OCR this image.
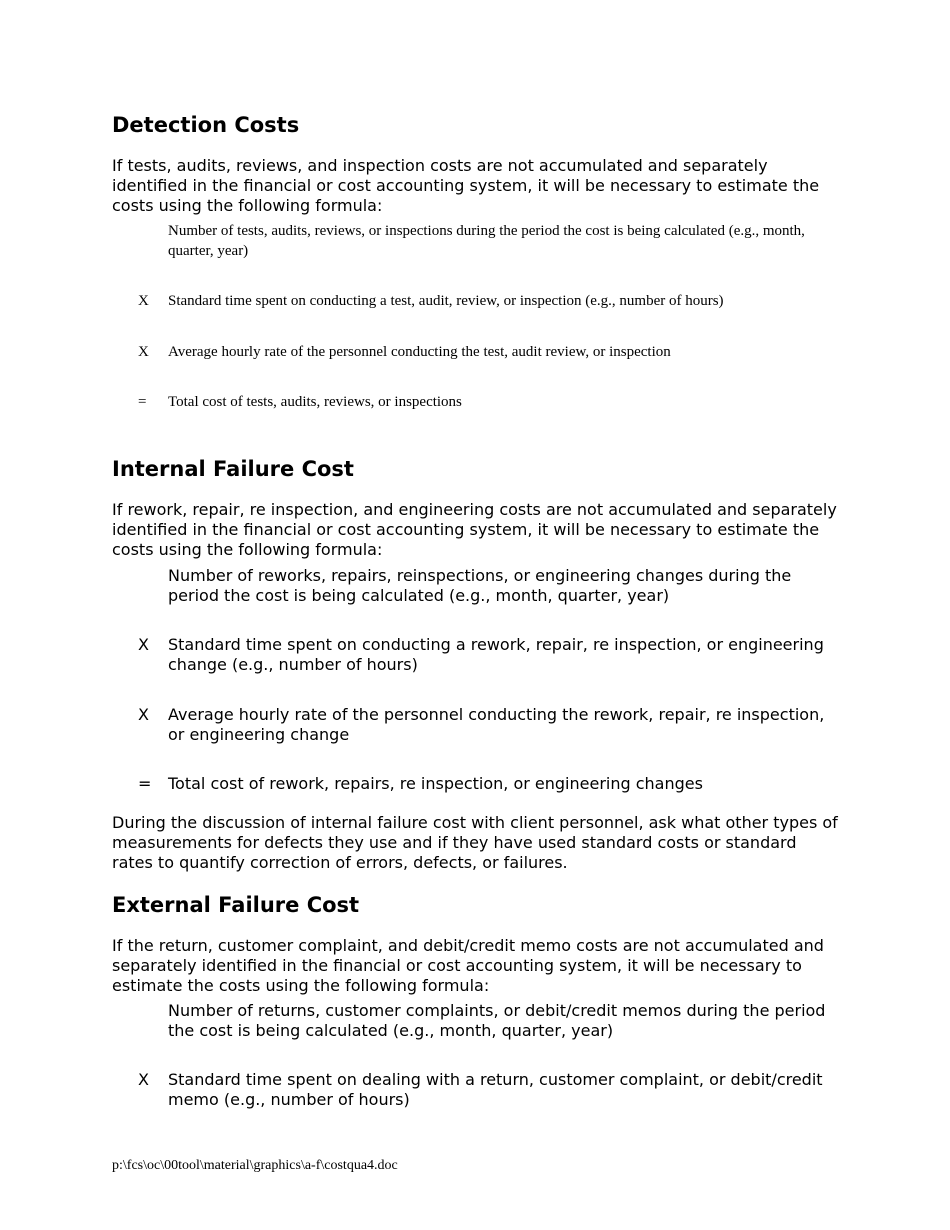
Detection Costs

If tests, audits, reviews, and inspection costs are not accumulated and separately identified in the financial or cost accounting system, it will be necessary to estimate the costs using the following formula:

Number of tests, audits, reviews, or inspections during the period the cost is being calculated (e.g., month, quarter, year)
X	Standard time spent on conducting a test, audit, review, or inspection (e.g., number of hours)
X	Average hourly rate of the personnel conducting the test, audit review, or inspection
=	Total cost of tests, audits, reviews, or inspections
Internal Failure Cost

If rework, repair, re inspection, and engineering costs are not accumulated and separately identified in the financial or cost accounting system, it will be necessary to estimate the costs using the following formula:

Number of reworks, repairs, reinspections, or engineering changes during the period the cost is being calculated (e.g., month, quarter, year)
X	Standard time spent on conducting a rework, repair, re inspection, or engineering change (e.g., number of hours)
X	Average hourly rate of the personnel conducting the rework, repair, re inspection, or engineering change
=	Total cost of rework, repairs, re inspection, or engineering changes

During the discussion of internal failure cost with client personnel, ask what other types of measurements for defects they use and if they have used standard costs or standard rates to quantify correction of errors, defects, or failures.

External Failure Cost

If the return, customer complaint, and debit/credit memo costs are not accumulated and separately identified in the financial or cost accounting system, it will be necessary to estimate the costs using the following formula:

Number of returns, customer complaints, or debit/credit memos during the period the cost is being calculated (e.g., month, quarter, year)
X	Standard time spent on dealing with a return, customer complaint, or debit/credit memo (e.g., number of hours)
p:\fcs\oc\00tool\material\graphics\a-f\costqua4.doc
